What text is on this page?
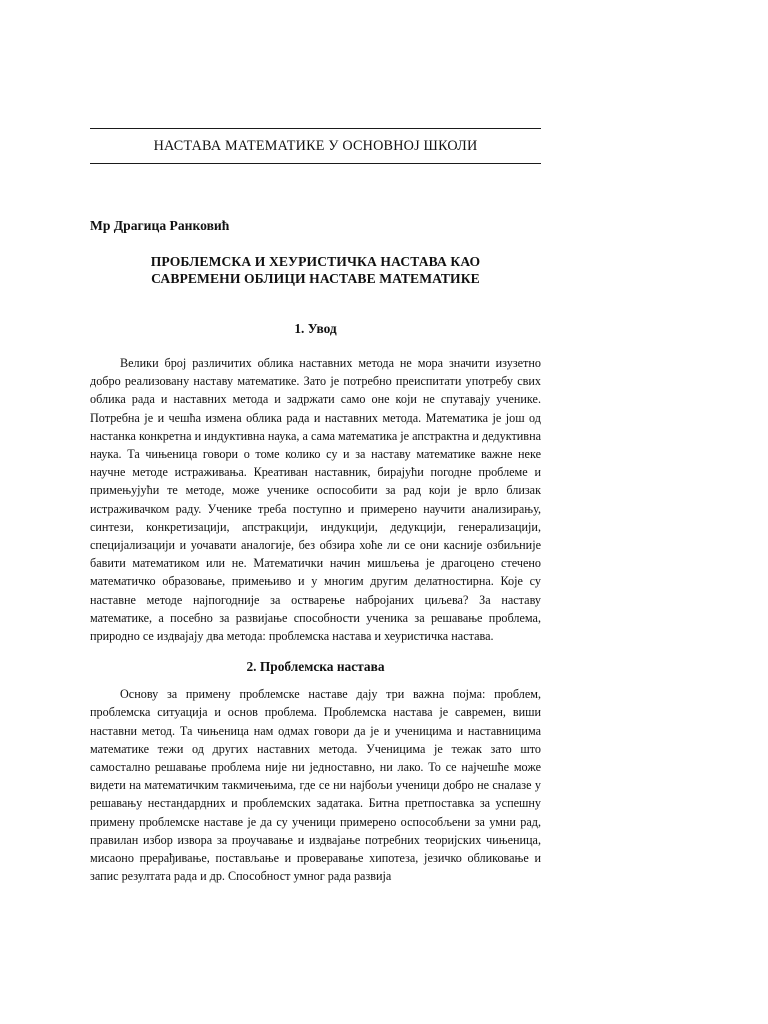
НАСТАВА МАТЕМАТИКЕ У ОСНОВНОЈ ШКОЛИ
Мр Драгица Ранковић
ПРОБЛЕМСКА И ХЕУРИСТИЧКА НАСТАВА КАО
САВРЕМЕНИ ОБЛИЦИ НАСТАВЕ МАТЕМАТИКЕ
1. Увод

Велики број различитих облика наставних метода не мора значити изузетно добро реализовану наставу математике. Зато је потребно преиспитати употребу свих облика рада и наставних метода и задржати само оне који не спутавају ученике. Потребна је и чешћа измена облика рада и наставних метода. Математика је још од настанка конкретна и индуктивна наука, а сама математика је апстрактна и дедуктивна наука. Та чињеница говори о томе колико су и за наставу математике важне неке научне методе истраживања. Креативан наставник, бирајући погодне проблеме и примењујући те методе, може ученике оспособити за рад који је врло близак истраживачком раду. Ученике треба поступно и примерено научити анализирању, синтези, конкретизацији, апстракцији, индукцији, дедукцији, генерализацији, специјализацији и уочавати аналогије, без обзира хоће ли се они касније озбиљније бавити математиком или не. Математички начин мишљења је драгоцено стечено математичко образовање, примењиво и у многим другим делатностирна. Које су наставне методе најпогодније за остварење набројаних циљева? За наставу математике, а посебно за развијање способности ученика за решавање проблема, природно се издвајају два метода: проблемска настава и хеуристичка настава.

2. Проблемска настава

Основу за примену проблемске наставе дају три важна појма: проблем, проблемска ситуација и основ проблема. Проблемска настава је савремен, виши наставни метод. Та чињеница нам одмах говори да је и ученицима и наставницима математике тежи од других наставних метода. Ученицима је тежак зато што самостално решавање проблема није ни једноставно, ни лако. То се најчешће може видети на математичким такмичењима, где се ни најбољи ученици добро не сналазе у решавању нестандардних и проблемских задатака. Битна претпоставка за успешну примену проблемске наставе је да су ученици примерено оспособљени за умни рад, правилан избор извора за проучавање и издвајање потребних теоријских чињеница, мисаоно прерађивање, постављање и проверавање хипотеза, језичко обликовање и запис резултата рада и др. Способност умног рада развија
